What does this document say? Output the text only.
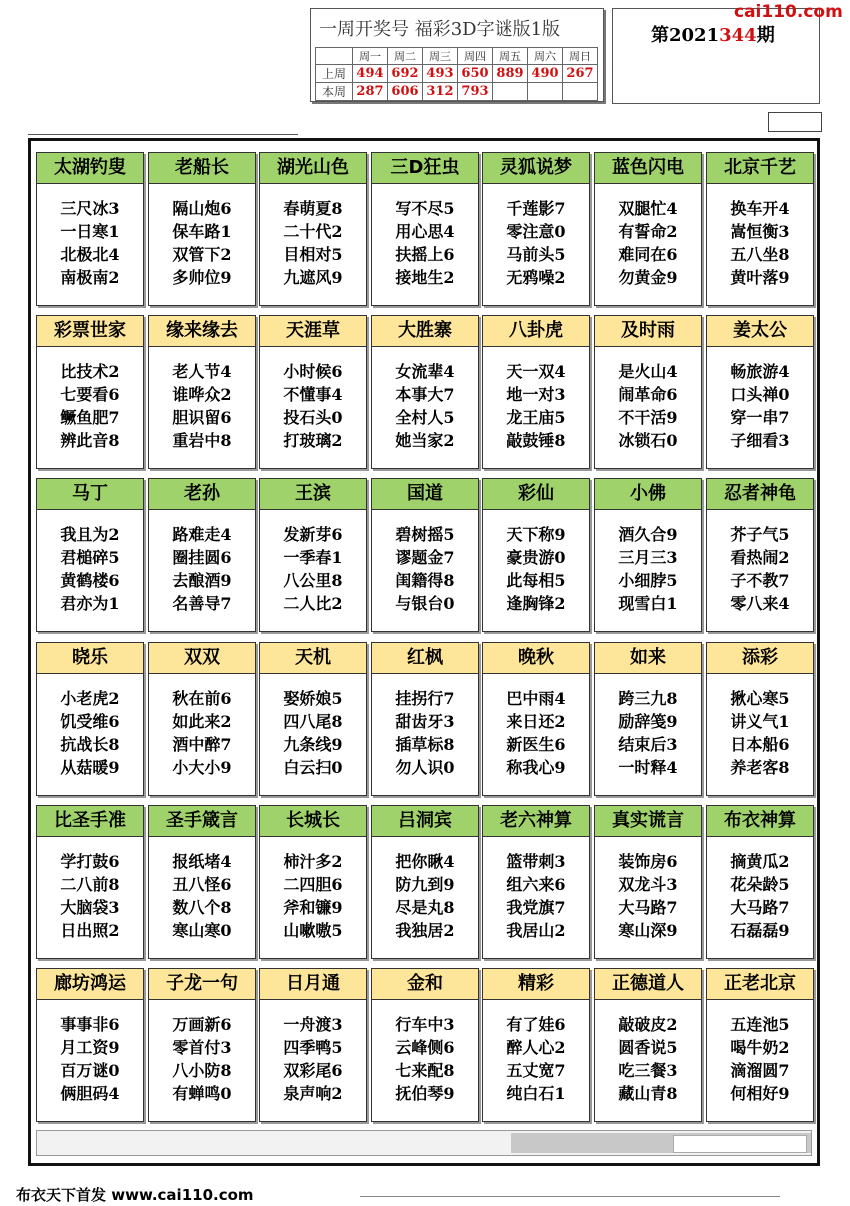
一周开奖号 福彩3D字谜版1版
	周一	周二	周三	周四	周五	周六	周日
上周	494	692	493	650	889	490	267
本周	287	606	312	793			
第2021344期
cai110.com
太湖钓叟
三尺冰3
一日寒1
北极北4
南极南2
老船长
隔山炮6
保车路1
双管下2
多帅位9
湖光山色
春萌夏8
二十代2
目相对5
九遮风9
三D狂虫
写不尽5
用心思4
扶摇上6
接地生2
灵狐说梦
千莲影7
零注意0
马前头5
无鸦噪2
蓝色闪电
双腿忙4
有誓命2
难同在6
勿黄金9
北京千艺
换车开4
嵩恒衡3
五八坐8
黄叶落9
彩票世家
比技术2
七要看6
鳜鱼肥7
辨此音8
缘来缘去
老人节4
谁哗众2
胆识留6
重岩中8
天涯草
小时候6
不懂事4
投石头0
打玻璃2
大胜寨
女流辈4
本事大7
全村人5
她当家2
八卦虎
天一双4
地一对3
龙王庙5
敲鼓锤8
及时雨
是火山4
闹革命6
不干活9
冰锁石0
姜太公
畅旅游4
口头禅0
穿一串7
子细看3
马丁
我且为2
君槌碎5
黄鹤楼6
君亦为1
老孙
路难走4
圈挂圆6
去酿酒9
名善导7
王滨
发新芽6
一季春1
八公里8
二人比2
国道
碧树摇5
谬题金7
闺籍得8
与银台0
彩仙
天下称9
豪贵游0
此每相5
逢胸锋2
小佛
酒久合9
三月三3
小细脖5
现雪白1
忍者神龟
芥子气5
看热闹2
子不教7
零八来4
晓乐
小老虎2
饥受维6
抗战长8
从菇暖9
双双
秋在前6
如此来2
酒中醉7
小大小9
天机
娶娇娘5
四八尾8
九条线9
白云扫0
红枫
挂拐行7
甜齿牙3
插草标8
勿人识0
晚秋
巴中雨4
来日还2
新医生6
称我心9
如来
跨三九8
励辞笺9
结束后3
一时释4
添彩
揪心寒5
讲义气1
日本船6
养老客8
比圣手准
学打鼓6
二八前8
大脑袋3
日出照2
圣手箴言
报纸堵4
丑八怪6
数八个8
寒山寒0
长城长
柿汁多2
二四胆6
斧和镰9
山嗽嗷5
吕洞宾
把你瞅4
防九到9
尽是丸8
我独居2
老六神算
篮带刺3
组六来6
我党旗7
我居山2
真实谎言
装饰房6
双龙斗3
大马路7
寒山深9
布衣神算
摘黄瓜2
花朵龄5
大马路7
石磊磊9
廊坊鸿运
事事非6
月工资9
百万谜0
俩胆码4
子龙一句
万画新6
零首付3
八小防8
有蝉鸣0
日月通
一舟渡3
四季鸭5
双彩尾6
泉声响2
金和
行车中3
云峰侧6
七来配8
抚伯琴9
精彩
有了娃6
醉人心2
五丈宽7
纯白石1
正德道人
敲破皮2
圆香说5
吃三餐3
藏山青8
正老北京
五连池5
喝牛奶2
滴溜圆7
何相好9
布衣天下首发 www.cai110.com
